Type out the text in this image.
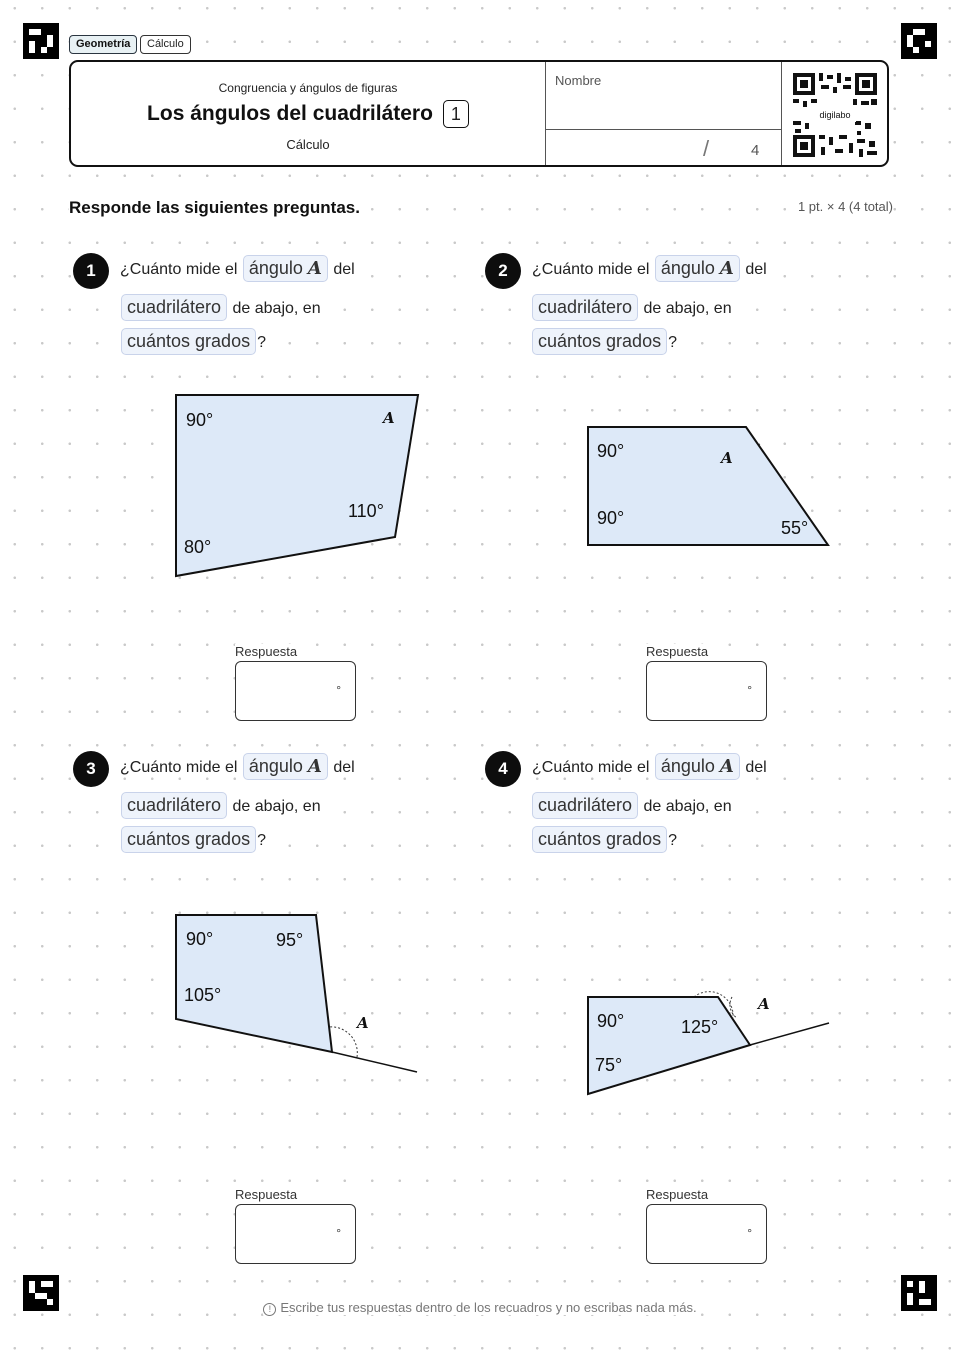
Geometría	Cálculo
Congruencia y ángulos de figuras
Los ángulos del cuadrilátero 1
Cálculo
Nombre
/	4
digilabo
Responde las siguientes preguntas.	1 pt. × 4 (4 total)
1	¿Cuánto mide el ángulo A del
cuadrilátero de abajo, en
cuántos grados ?
2	¿Cuánto mide el ángulo A del
cuadrilátero de abajo, en
cuántos grados ?
3	¿Cuánto mide el ángulo A del
cuadrilátero de abajo, en
cuántos grados ?
4	¿Cuánto mide el ángulo A del
cuadrilátero de abajo, en
cuántos grados ?
90°
110°
80°
A
90°
90°	55°
A
90°	95°
105°
A	90°	125°
75°
A
Respuesta
°
Respuesta
°
Respuesta
°
Respuesta
°
! Escribe tus respuestas dentro de los recuadros y no escribas nada más.
